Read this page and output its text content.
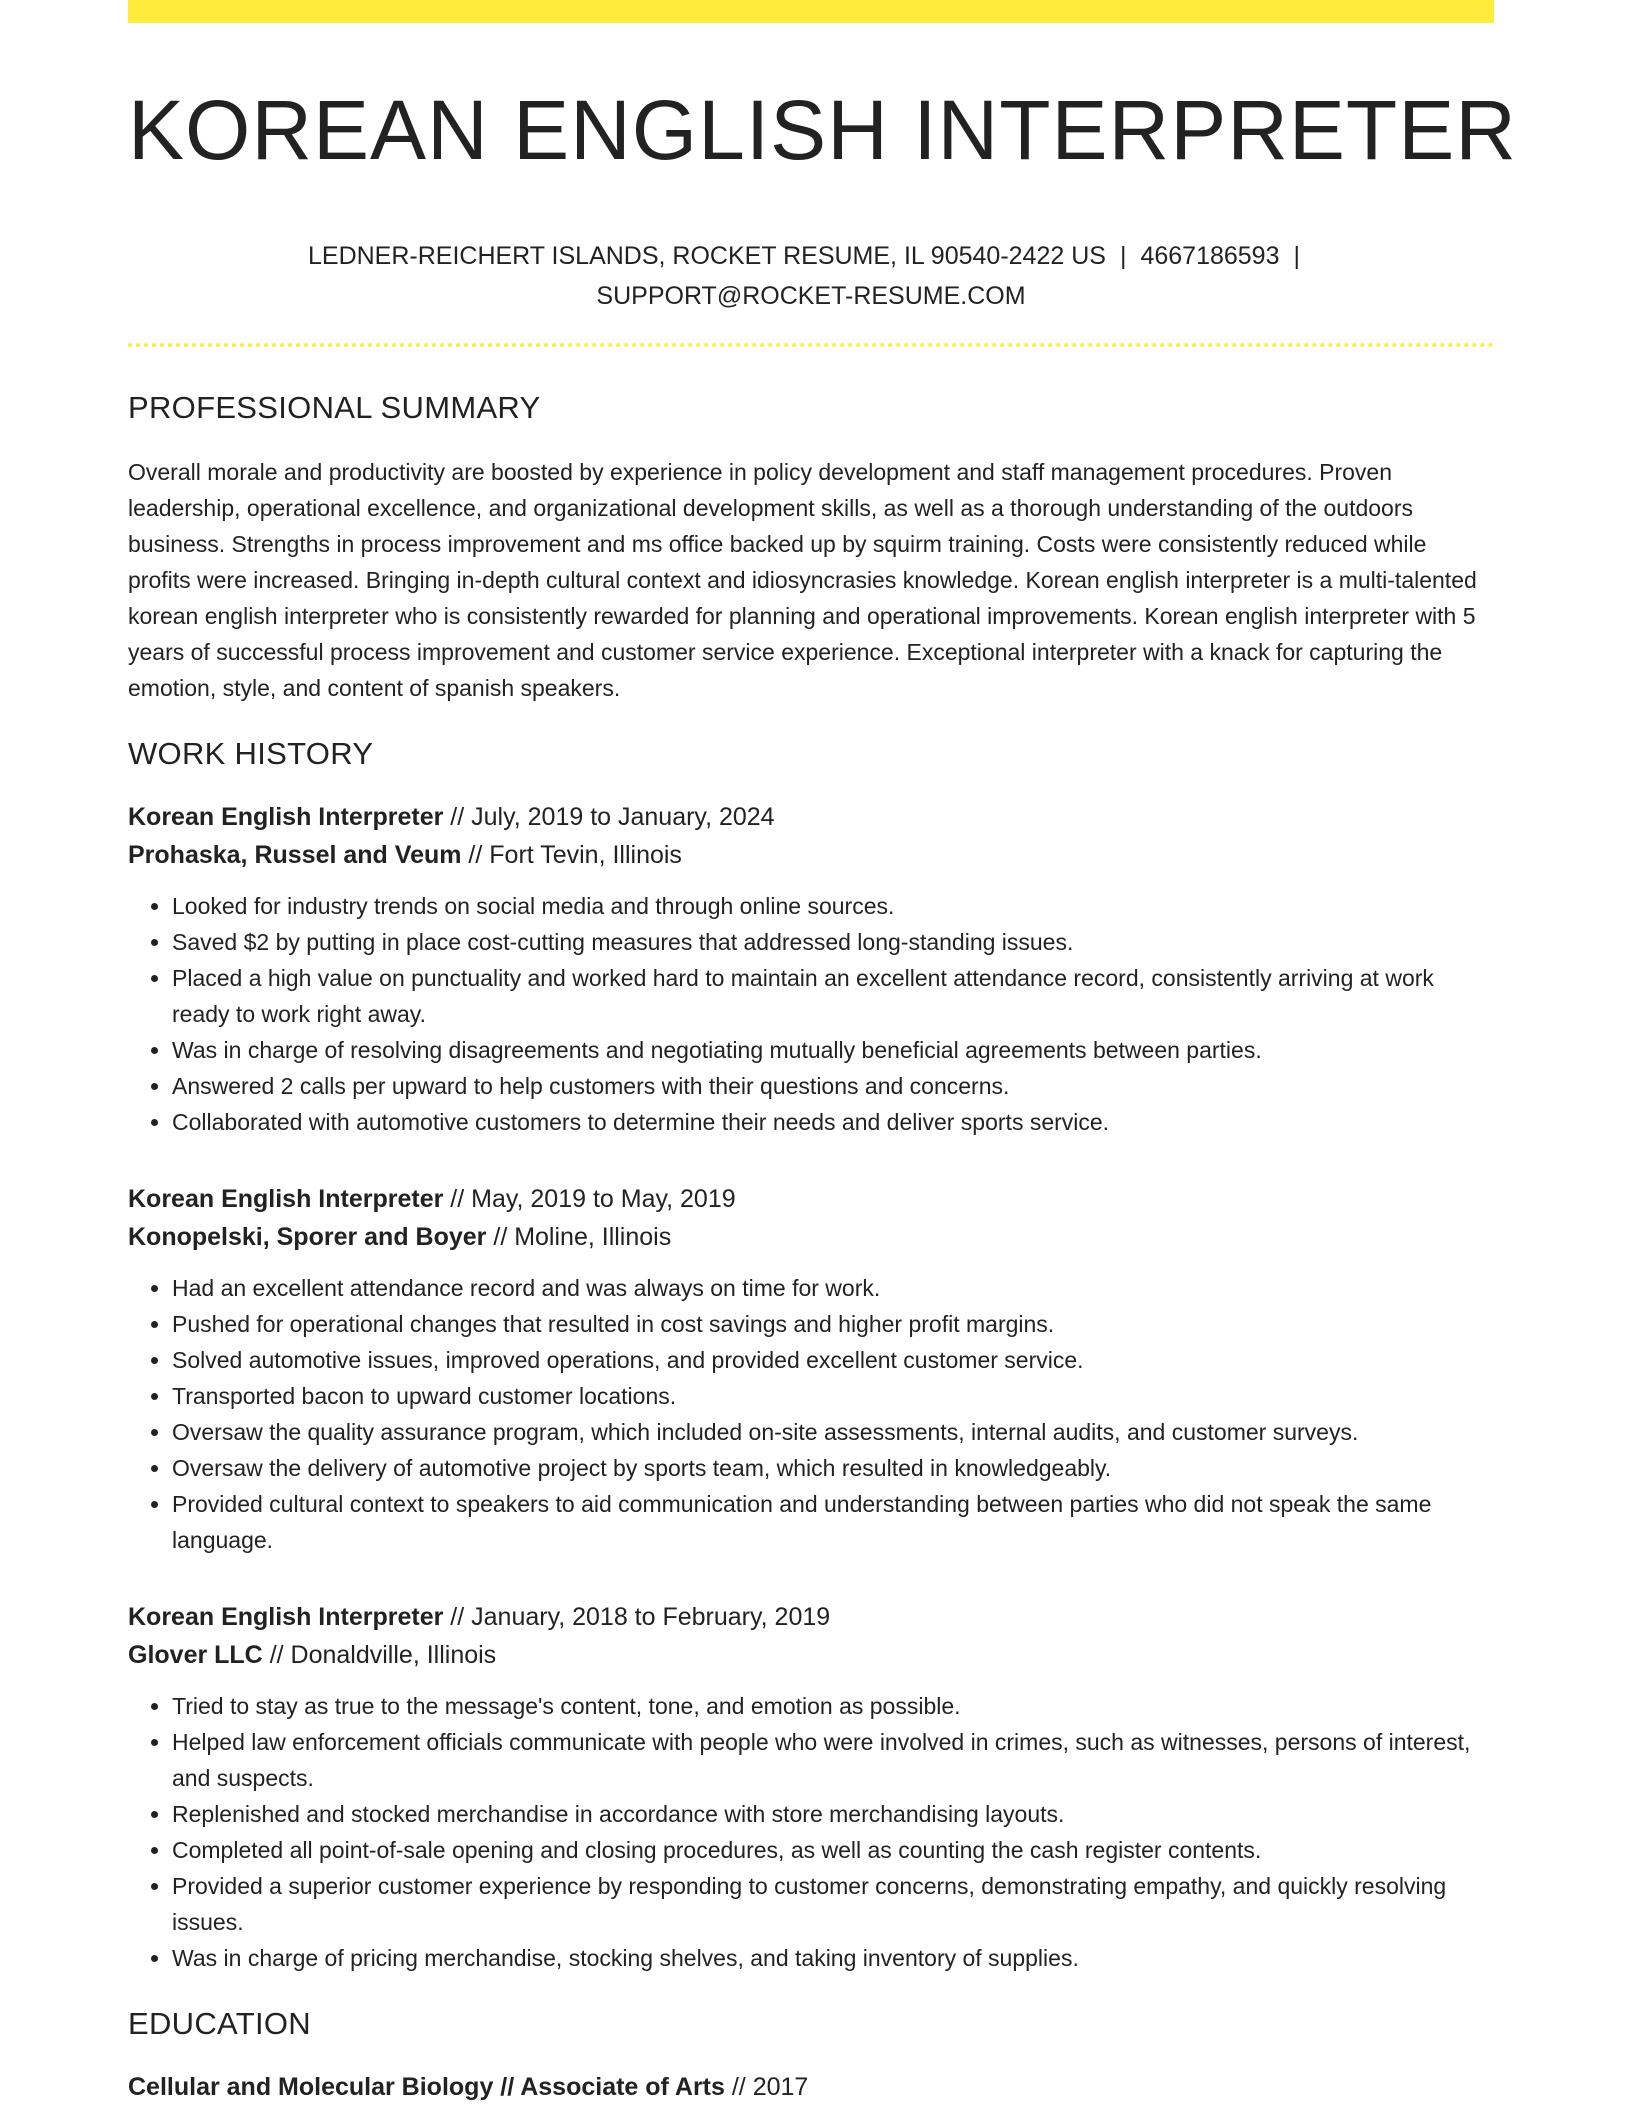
KOREAN ENGLISH INTERPRETER
LEDNER-REICHERT ISLANDS, ROCKET RESUME, IL 90540-2422 US | 4667186593 |
SUPPORT@ROCKET-RESUME.COM
PROFESSIONAL SUMMARY

Overall morale and productivity are boosted by experience in policy development and staff management procedures. Proven leadership, operational excellence, and organizational development skills, as well as a thorough understanding of the outdoors business. Strengths in process improvement and ms office backed up by squirm training. Costs were consistently reduced while profits were increased. Bringing in-depth cultural context and idiosyncrasies knowledge. Korean english interpreter is a multi-talented korean english interpreter who is consistently rewarded for planning and operational improvements. Korean english interpreter with 5 years of successful process improvement and customer service experience. Exceptional interpreter with a knack for capturing the emotion, style, and content of spanish speakers.

WORK HISTORY
Korean English Interpreter // July, 2019 to January, 2024
Prohaska, Russel and Veum // Fort Tevin, Illinois
• Looked for industry trends on social media and through online sources.
• Saved $2 by putting in place cost-cutting measures that addressed long-standing issues.
• Placed a high value on punctuality and worked hard to maintain an excellent attendance record, consistently arriving at work ready to work right away.
• Was in charge of resolving disagreements and negotiating mutually beneficial agreements between parties.
• Answered 2 calls per upward to help customers with their questions and concerns.
• Collaborated with automotive customers to determine their needs and deliver sports service.
Korean English Interpreter // May, 2019 to May, 2019
Konopelski, Sporer and Boyer // Moline, Illinois
• Had an excellent attendance record and was always on time for work.
• Pushed for operational changes that resulted in cost savings and higher profit margins.
• Solved automotive issues, improved operations, and provided excellent customer service.
• Transported bacon to upward customer locations.
• Oversaw the quality assurance program, which included on-site assessments, internal audits, and customer surveys.
• Oversaw the delivery of automotive project by sports team, which resulted in knowledgeably.
• Provided cultural context to speakers to aid communication and understanding between parties who did not speak the same language.
Korean English Interpreter // January, 2018 to February, 2019
Glover LLC // Donaldville, Illinois
• Tried to stay as true to the message's content, tone, and emotion as possible.
• Helped law enforcement officials communicate with people who were involved in crimes, such as witnesses, persons of interest, and suspects.
• Replenished and stocked merchandise in accordance with store merchandising layouts.
• Completed all point-of-sale opening and closing procedures, as well as counting the cash register contents.
• Provided a superior customer experience by responding to customer concerns, demonstrating empathy, and quickly resolving issues.
• Was in charge of pricing merchandise, stocking shelves, and taking inventory of supplies.
EDUCATION
Cellular and Molecular Biology // Associate of Arts // 2017
